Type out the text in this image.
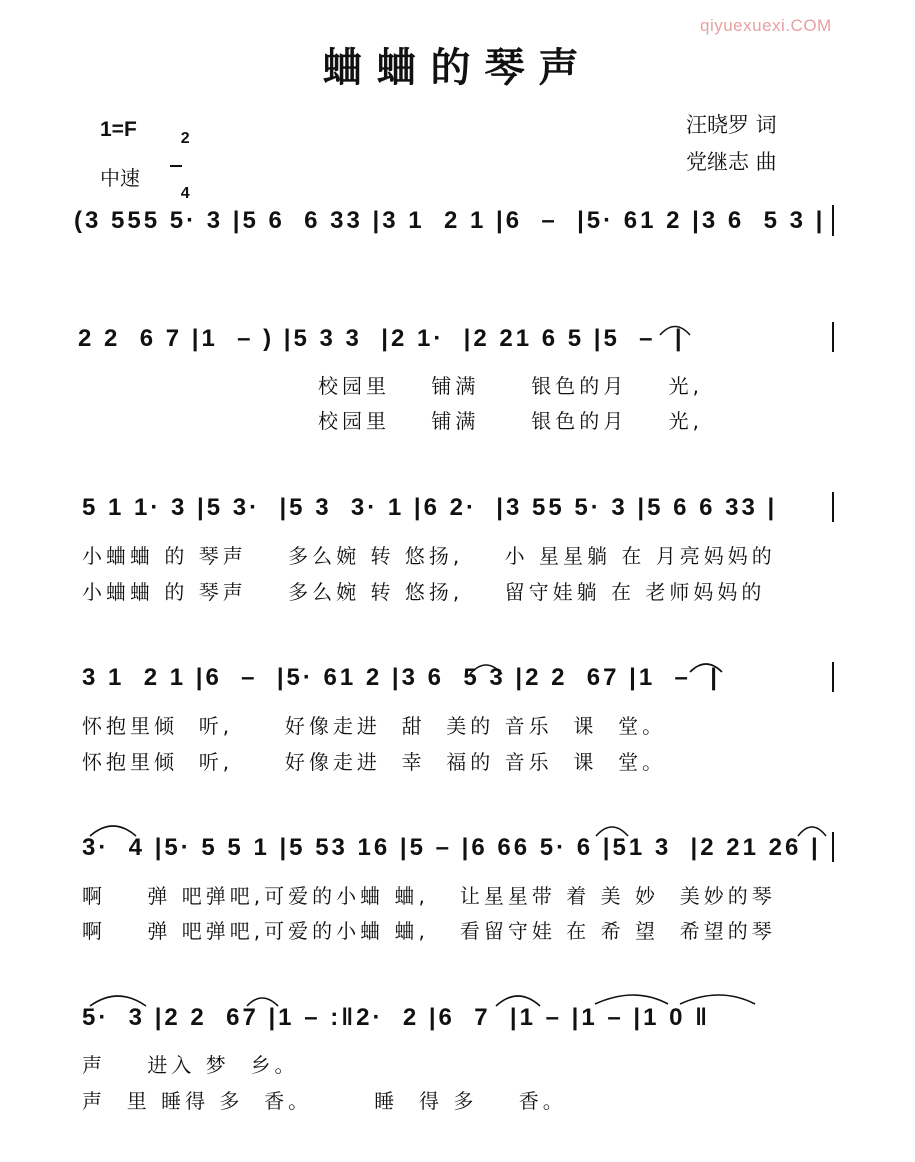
qiyuexuexi.COM
蛐蛐的琴声
1=F	2

4

中速
汪晓罗 词
党继志 曲
(3 555 5· 3 |5 6  6 33 |3 1  2 1 |6  –  |5· 61 2 |3 6  5 3 |
2 2  6 7 |1  – ) |5 3 3  |2 1·  |2 21 6 5 |5  –  |
校园里    铺满     银色的月    光,
校园里    铺满     银色的月    光,
5 1 1· 3 |5 3·  |5 3  3· 1 |6 2·  |3 55 5· 3 |5 6 6 33 |
小蛐蛐 的 琴声    多么婉 转 悠扬,    小 星星躺 在 月亮妈妈的
小蛐蛐 的 琴声    多么婉 转 悠扬,    留守娃躺 在 老师妈妈的
3 1  2 1 |6  –  |5· 61 2 |3 6  5 3 |2 2  67 |1  –  |
怀抱里倾  听,     好像走进  甜  美的 音乐  课  堂。
怀抱里倾  听,     好像走进  幸  福的 音乐  课  堂。
3·  4 |5· 5 5 1 |5 53 16 |5 – |6 66 5· 6 |51 3  |2 21 26 |
啊    弹 吧弹吧,可爱的小蛐 蛐,   让星星带 着 美 妙  美妙的琴
啊    弹 吧弹吧,可爱的小蛐 蛐,   看留守娃 在 希 望  希望的琴
5·  3 |2 2  67 |1 – :‖2·  2 |6  7  |1 – |1 – |1 0 ‖
声    进入 梦  乡。
声  里 睡得 多  香。      睡  得 多    香。
